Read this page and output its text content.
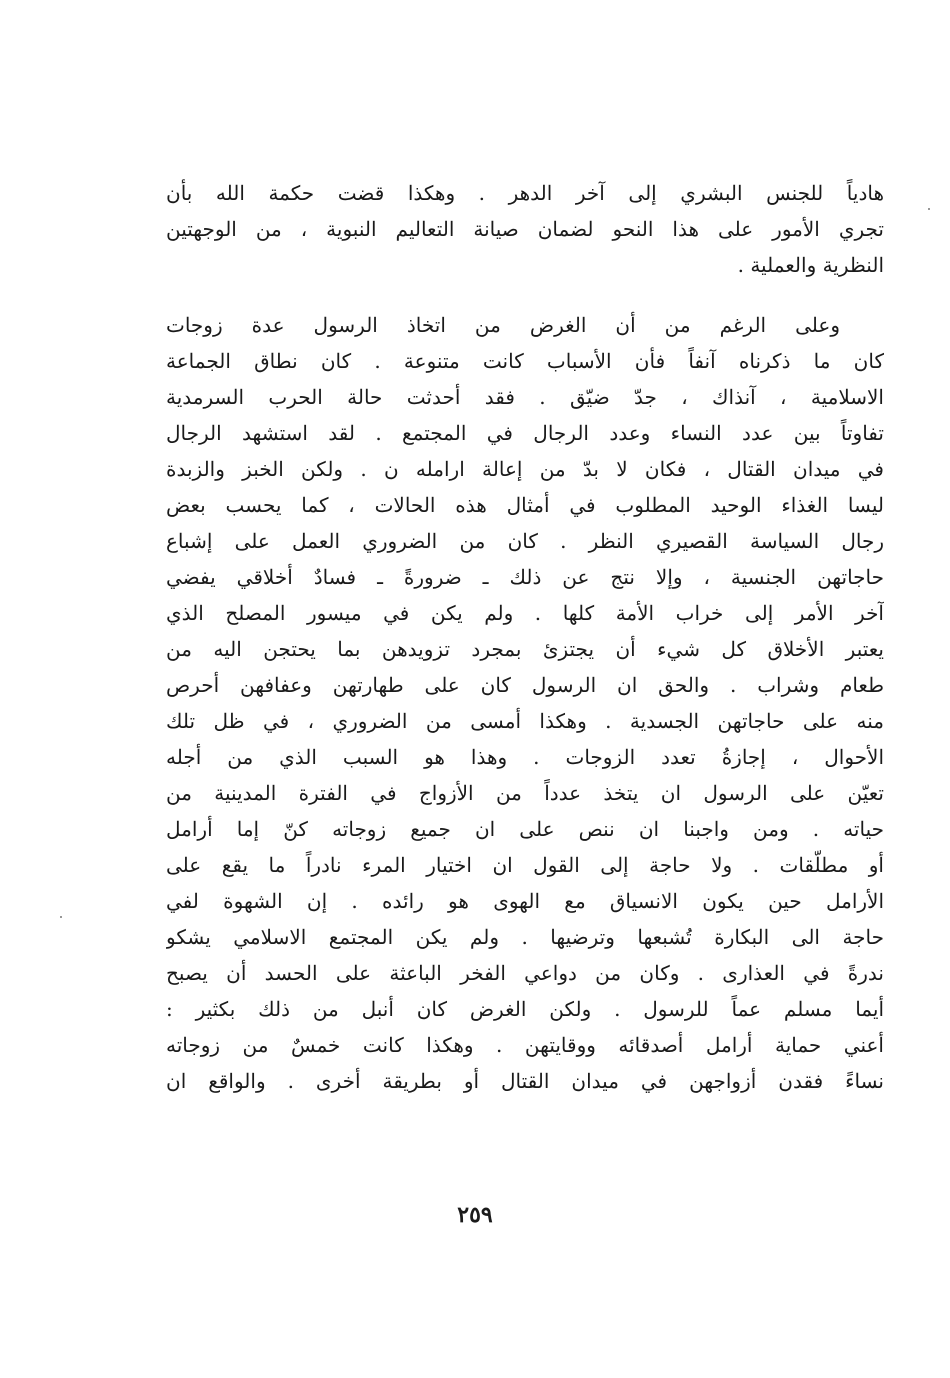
هادياً للجنس البشري إلى آخر الدهر . وهكذا قضت حكمة الله بأن
تجري الأمور على هذا النحو لضمان صيانة التعاليم النبوية ، من الوجهتين
النظرية والعملية .
وعلى الرغم من أن الغرض من اتخاذ الرسول عدة زوجات
كان ما ذكرناه آنفاً فأن الأسباب كانت متنوعة . كان نطاق الجماعة
الاسلامية ، آنذاك ، جدّ ضيّق . فقد أحدثت حالة الحرب السرمدية
تفاوتاً بين عدد النساء وعدد الرجال في المجتمع . لقد استشهد الرجال
في ميدان القتال ، فكان لا بدّ من إعالة ارامله ن . ولكن الخبز والزبدة
ليسا الغذاء الوحيد المطلوب في أمثال هذه الحالات ، كما يحسب بعض
رجال السياسة القصيري النظر . كان من الضروري العمل على إشباع
حاجاتهن الجنسية ، وإلا نتج عن ذلك ـ ضرورةً ـ فسادٌ أخلاقي يفضي
آخر الأمر إلى خراب الأمة كلها . ولم يكن في ميسور المصلح الذي
يعتبر الأخلاق كل شيء أن يجتزئ بمجرد تزويدهن بما يحتجن اليه من
طعام وشراب . والحق ان الرسول كان على طهارتهن وعفافهن أحرص
منه على حاجاتهن الجسدية . وهكذا أمسى من الضروري ، في ظل تلك
الأحوال ، إجازةُ تعدد الزوجات . وهذا هو السبب الذي من أجله
تعيّن على الرسول ان يتخذ عدداً من الأزواج في الفترة المدينية من
حياته . ومن واجبنا ان ننص على ان جميع زوجاته كنّ إما أرامل
أو مطلّقات . ولا حاجة إلى القول ان اختيار المرء نادراً ما يقع على
الأرامل حين يكون الانسياق مع الهوى هو رائده . إن الشهوة لفي
حاجة الى البكارة تُشبعها وترضيها . ولم يكن المجتمع الاسلامي يشكو
ندرةً في العذارى . وكان من دواعي الفخر الباعثة على الحسد أن يصبح
أيما مسلم عماً للرسول . ولكن الغرض كان أنبل من ذلك بكثير :
أعني حماية أرامل أصدقائه ووقايتهن . وهكذا كانت خمسٌ من زوجاته
نساءً فقدن أزواجهن في ميدان القتال أو بطريقة أخرى . والواقع ان
٢٥٩
